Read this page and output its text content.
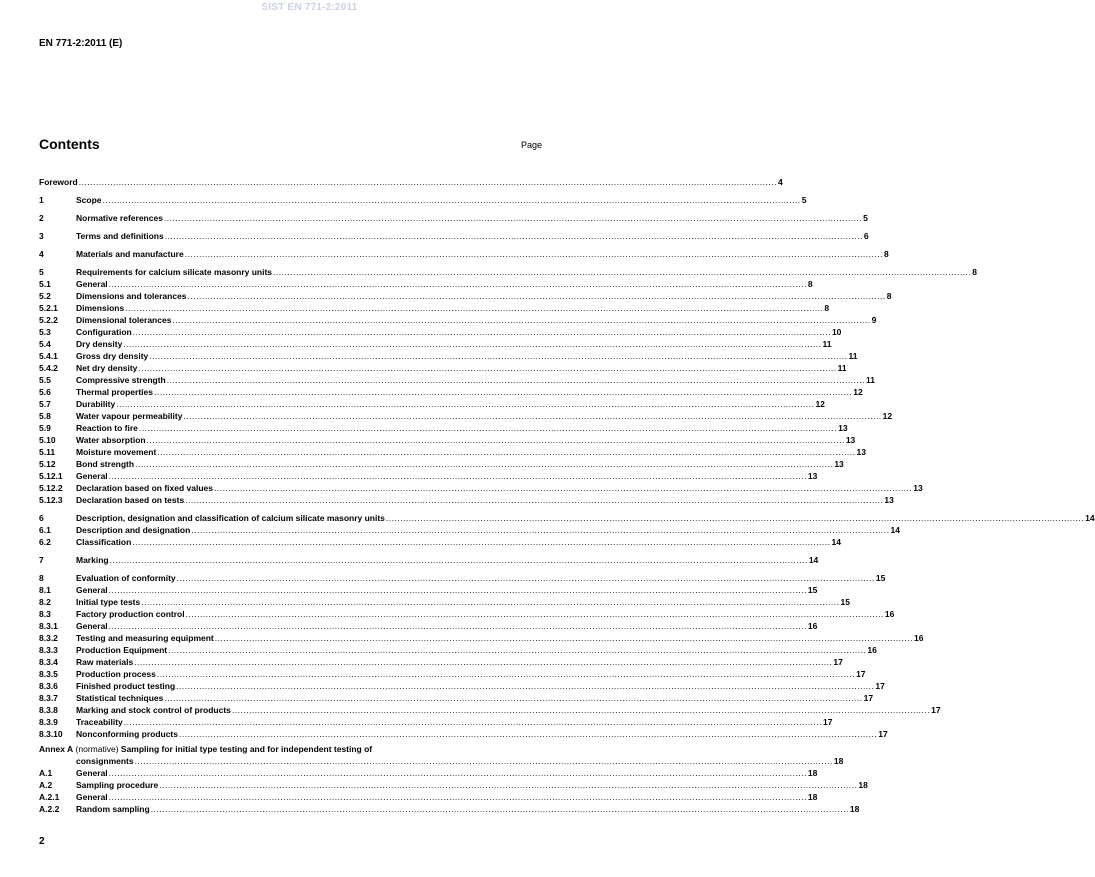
SIST EN 771-2:2011
EN 771-2:2011 (E)
Contents	Page
Foreword .....	4
1	Scope .....	5
2	Normative references .....	5
3	Terms and definitions .....	6
4	Materials and manufacture .....	8
5	Requirements for calcium silicate masonry units .....	8
5.1	General .....	8
5.2	Dimensions and tolerances .....	8
5.2.1	Dimensions .....	8
5.2.2	Dimensional tolerances .....	9
5.3	Configuration .....	10
5.4	Dry density .....	11
5.4.1	Gross dry density .....	11
5.4.2	Net dry density .....	11
5.5	Compressive strength .....	11
5.6	Thermal properties .....	12
5.7	Durability .....	12
5.8	Water vapour permeability .....	12
5.9	Reaction to fire .....	13
5.10	Water absorption .....	13
5.11	Moisture movement .....	13
5.12	Bond strength .....	13
5.12.1	General .....	13
5.12.2	Declaration based on fixed values .....	13
5.12.3	Declaration based on tests .....	13
6	Description, designation and classification of calcium silicate masonry units .....	14
6.1	Description and designation .....	14
6.2	Classification .....	14
7	Marking .....	14
8	Evaluation of conformity .....	15
8.1	General .....	15
8.2	Initial type tests .....	15
8.3	Factory production control .....	16
8.3.1	General .....	16
8.3.2	Testing and measuring equipment .....	16
8.3.3	Production Equipment .....	16
8.3.4	Raw materials .....	17
8.3.5	Production process .....	17
8.3.6	Finished product testing .....	17
8.3.7	Statistical techniques .....	17
8.3.8	Marking and stock control of products .....	17
8.3.9	Traceability .....	17
8.3.10	Nonconforming products .....	17
Annex A (normative) Sampling for initial type testing and for independent testing of
consignments .....	18
A.1	General .....	18
A.2	Sampling procedure .....	18
A.2.1	General .....	18
A.2.2	Random sampling .....	18
2
